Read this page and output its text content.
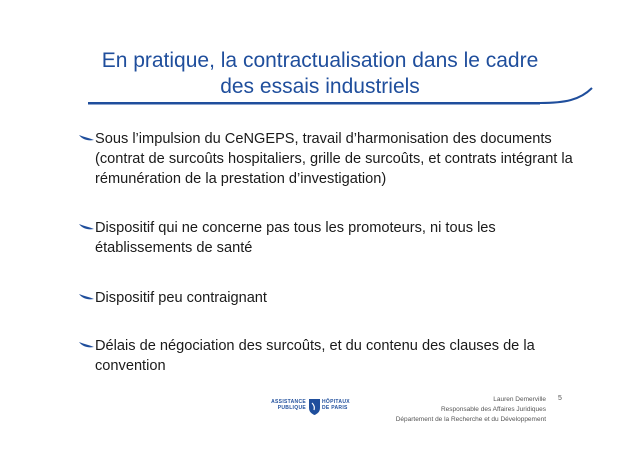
En pratique, la contractualisation dans le cadre
des essais industriels
Sous l’impulsion du CeNGEPS, travail d’harmonisation des documents (contrat de surcoûts hospitaliers, grille de surcoûts, et contrats intégrant la rémunération de la prestation d’investigation)
Dispositif qui ne concerne pas tous les promoteurs, ni tous les établissements de santé
Dispositif peu contraignant
Délais de négociation des surcoûts, et du contenu des clauses de la convention
ASSISTANCE
PUBLIQUE
HÔPITAUX
DE PARIS
Lauren Demerville
Responsable des Affaires Juridiques
Département de la Recherche et du Développement
5
